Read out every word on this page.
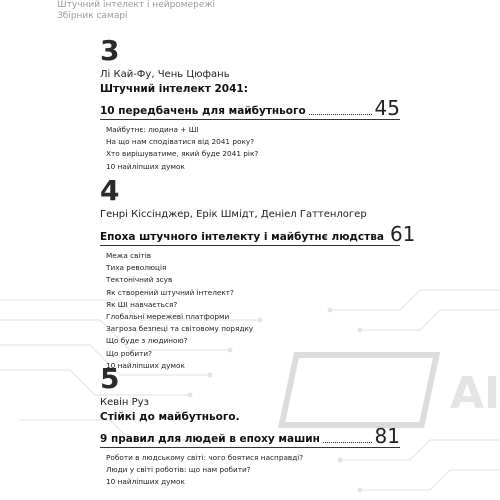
AI
Штучний інтелект і нейромережі
Збірник самарі
3
Лі Кай-Фу, Чень Цюфань
Штучний інтелект 2041:
10 передбачень для майбутнього	45
Майбутнє: людина + ШІ
На що нам сподіватися від 2041 року?
Хто вирішуватиме, який буде 2041 рік?
10 найліпших думок
4
Генрі Кіссінджер, Ерік Шмідт, Деніел Гаттенлогер
Епоха штучного інтелекту і майбутнє людства 61
Межа світів
Тиха революція
Тектонічний зсув
Як створений штучний інтелект?
Як ШІ навчається?
Глобальні мережеві платформи
Загроза безпеці та світовому порядку
Що буде з людиною?
Що робити?
10 найліпших думок
5
Кевін Руз
Стійкі до майбутнього.
9 правил для людей в епоху машин	81
Роботи в людському світі: чого боятися насправді?
Люди у світі роботів: що нам робити?
10 найліпших думок
